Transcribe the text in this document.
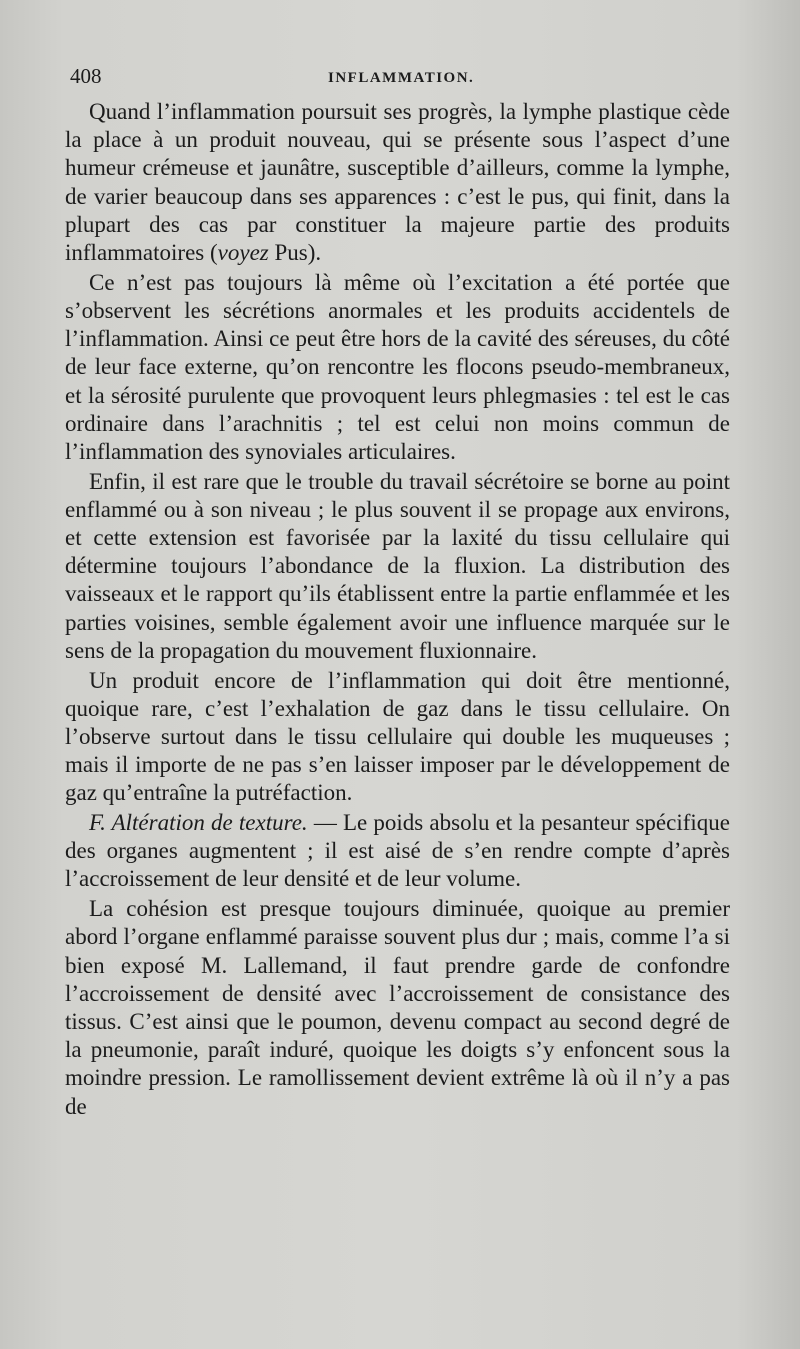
408	INFLAMMATION.

Quand l’inflammation poursuit ses progrès, la lymphe plastique cède la place à un produit nouveau, qui se présente sous l’aspect d’une humeur crémeuse et jaunâtre, susceptible d’ailleurs, comme la lymphe, de varier beaucoup dans ses apparences : c’est le pus, qui finit, dans la plupart des cas par constituer la majeure partie des produits inflammatoires (voyez Pus).

Ce n’est pas toujours là même où l’excitation a été portée que s’observent les sécrétions anormales et les produits accidentels de l’inflammation. Ainsi ce peut être hors de la cavité des séreuses, du côté de leur face externe, qu’on rencontre les flocons pseudo-membraneux, et la sérosité purulente que provoquent leurs phlegmasies : tel est le cas ordinaire dans l’arachnitis ; tel est celui non moins commun de l’inflammation des synoviales articulaires.

Enfin, il est rare que le trouble du travail sécrétoire se borne au point enflammé ou à son niveau ; le plus souvent il se propage aux environs, et cette extension est favorisée par la laxité du tissu cellulaire qui détermine toujours l’abondance de la fluxion. La distribution des vaisseaux et le rapport qu’ils établissent entre la partie enflammée et les parties voisines, semble également avoir une influence marquée sur le sens de la propagation du mouvement fluxionnaire.

Un produit encore de l’inflammation qui doit être mentionné, quoique rare, c’est l’exhalation de gaz dans le tissu cellulaire. On l’observe surtout dans le tissu cellulaire qui double les muqueuses ; mais il importe de ne pas s’en laisser imposer par le développement de gaz qu’entraîne la putréfaction.

F. Altération de texture. — Le poids absolu et la pesanteur spécifique des organes augmentent ; il est aisé de s’en rendre compte d’après l’accroissement de leur densité et de leur volume.

La cohésion est presque toujours diminuée, quoique au premier abord l’organe enflammé paraisse souvent plus dur ; mais, comme l’a si bien exposé M. Lallemand, il faut prendre garde de confondre l’accroissement de densité avec l’accroissement de consistance des tissus. C’est ainsi que le poumon, devenu compact au second degré de la pneumonie, paraît induré, quoique les doigts s’y enfoncent sous la moindre pression. Le ramollissement devient extrême là où il n’y a pas de
